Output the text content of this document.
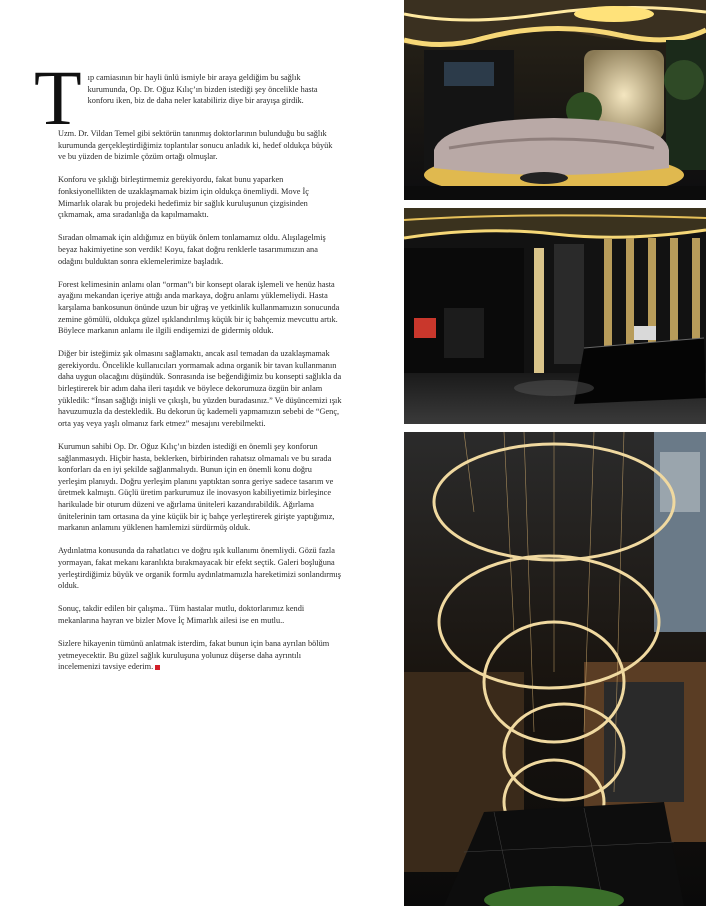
T ıp camiasının bir hayli ünlü ismiyle bir araya geldiğim bu sağlık kurumunda, Op. Dr. Oğuz Kılıç’ın bizden istediği şey öncelikle hasta konforu iken, biz de daha neler katabiliriz diye bir arayışa girdik.

Uzm. Dr. Vildan Temel gibi sektörün tanınmış doktorlarının bulunduğu bu sağlık kurumunda gerçekleştirdiğimiz toplantılar sonucu anladık ki, hedef oldukça büyük ve bu yüzden de bizimle çözüm ortağı olmuşlar.

Konforu ve şıklığı birleştirmemiz gerekiyordu, fakat bunu yaparken fonksiyonellikten de uzaklaşmamak bizim için oldukça önemliydi. Move İç Mimarlık olarak bu projedeki hedefimiz bir sağlık kuruluşunun çizgisinden çıkmamak, ama sıradanlığa da kapılmamaktı.

Sıradan olmamak için aldığımız en büyük önlem tonlamamız oldu. Alışılagelmiş beyaz hakimiyetine son verdik! Koyu, fakat doğru renklerle tasarımımızın ana odağını bulduktan sonra eklemelerimize başladık.

Forest kelimesinin anlamı olan “orman”ı bir konsept olarak işlemeli ve henüz hasta ayağını mekandan içeriye attığı anda markaya, doğru anlamı yüklemeliydi. Hasta karşılama bankosunun önünde uzun bir uğraş ve yetkinlik kullanmamızın sonucunda zemine gömülü, oldukça güzel ışıklandırılmış küçük bir iç bahçemiz mevcuttu artık. Böylece markanın anlamı ile ilgili endişemizi de gidermiş olduk.

Diğer bir isteğimiz şık olmasını sağlamaktı, ancak asıl temadan da uzaklaşmamak gerekiyordu. Öncelikle kullanıcıları yormamak adına organik bir tavan kullanmanın daha uygun olacağını düşündük. Sonrasında ise beğendiğimiz bu konsepti sağlıkla da birleştirerek bir adım daha ileri taşıdık ve böylece dekorumuza özgün bir anlam yükledik: “İnsan sağlığı inişli ve çıkışlı, bu yüzden buradasınız.” Ve düşüncemizi ışık havuzumuzla da destekledik. Bu dekorun üç kademeli yapmamızın sebebi de “Genç, orta yaş veya yaşlı olmanız fark etmez” mesajını verebilmekti.

Kurumun sahibi Op. Dr. Oğuz Kılıç’ın bizden istediği en önemli şey konforun sağlanmasıydı. Hiçbir hasta, beklerken, birbirinden rahatsız olmamalı ve bu sırada konforları da en iyi şekilde sağlanmalıydı. Bunun için en önemli konu doğru yerleşim planıydı. Doğru yerleşim planını yaptıktan sonra geriye sadece tasarım ve üretmek kalmıştı. Güçlü üretim parkurumuz ile inovasyon kabiliyetimiz birleşince harikulade bir oturum düzeni ve ağırlama üniteleri kazandırabildik. Ağırlama ünitelerinin tam ortasına da yine küçük bir iç bahçe yerleştirerek girişte yaptığımız, markanın anlamını yüklenen hamlemizi sürdürmüş olduk.

Aydınlatma konusunda da rahatlatıcı ve doğru ışık kullanımı önemliydi. Gözü fazla yormayan, fakat mekanı karanlıkta bırakmayacak bir efekt seçtik. Galeri boşluğuna yerleştirdiğimiz büyük ve organik formlu aydınlatmamızla hareketimizi sonlandırmış olduk.

Sonuç, takdir edilen bir çalışma.. Tüm hastalar mutlu, doktorlarımız kendi mekanlarına hayran ve bizler Move İç Mimarlık ailesi ise en mutlu..

Sizlere hikayenin tümünü anlatmak isterdim, fakat bunun için bana ayrılan bölüm yetmeyecektir. Bu güzel sağlık kuruluşuna yolunuz düşerse daha ayrıntılı incelemenizi tavsiye ederim.
